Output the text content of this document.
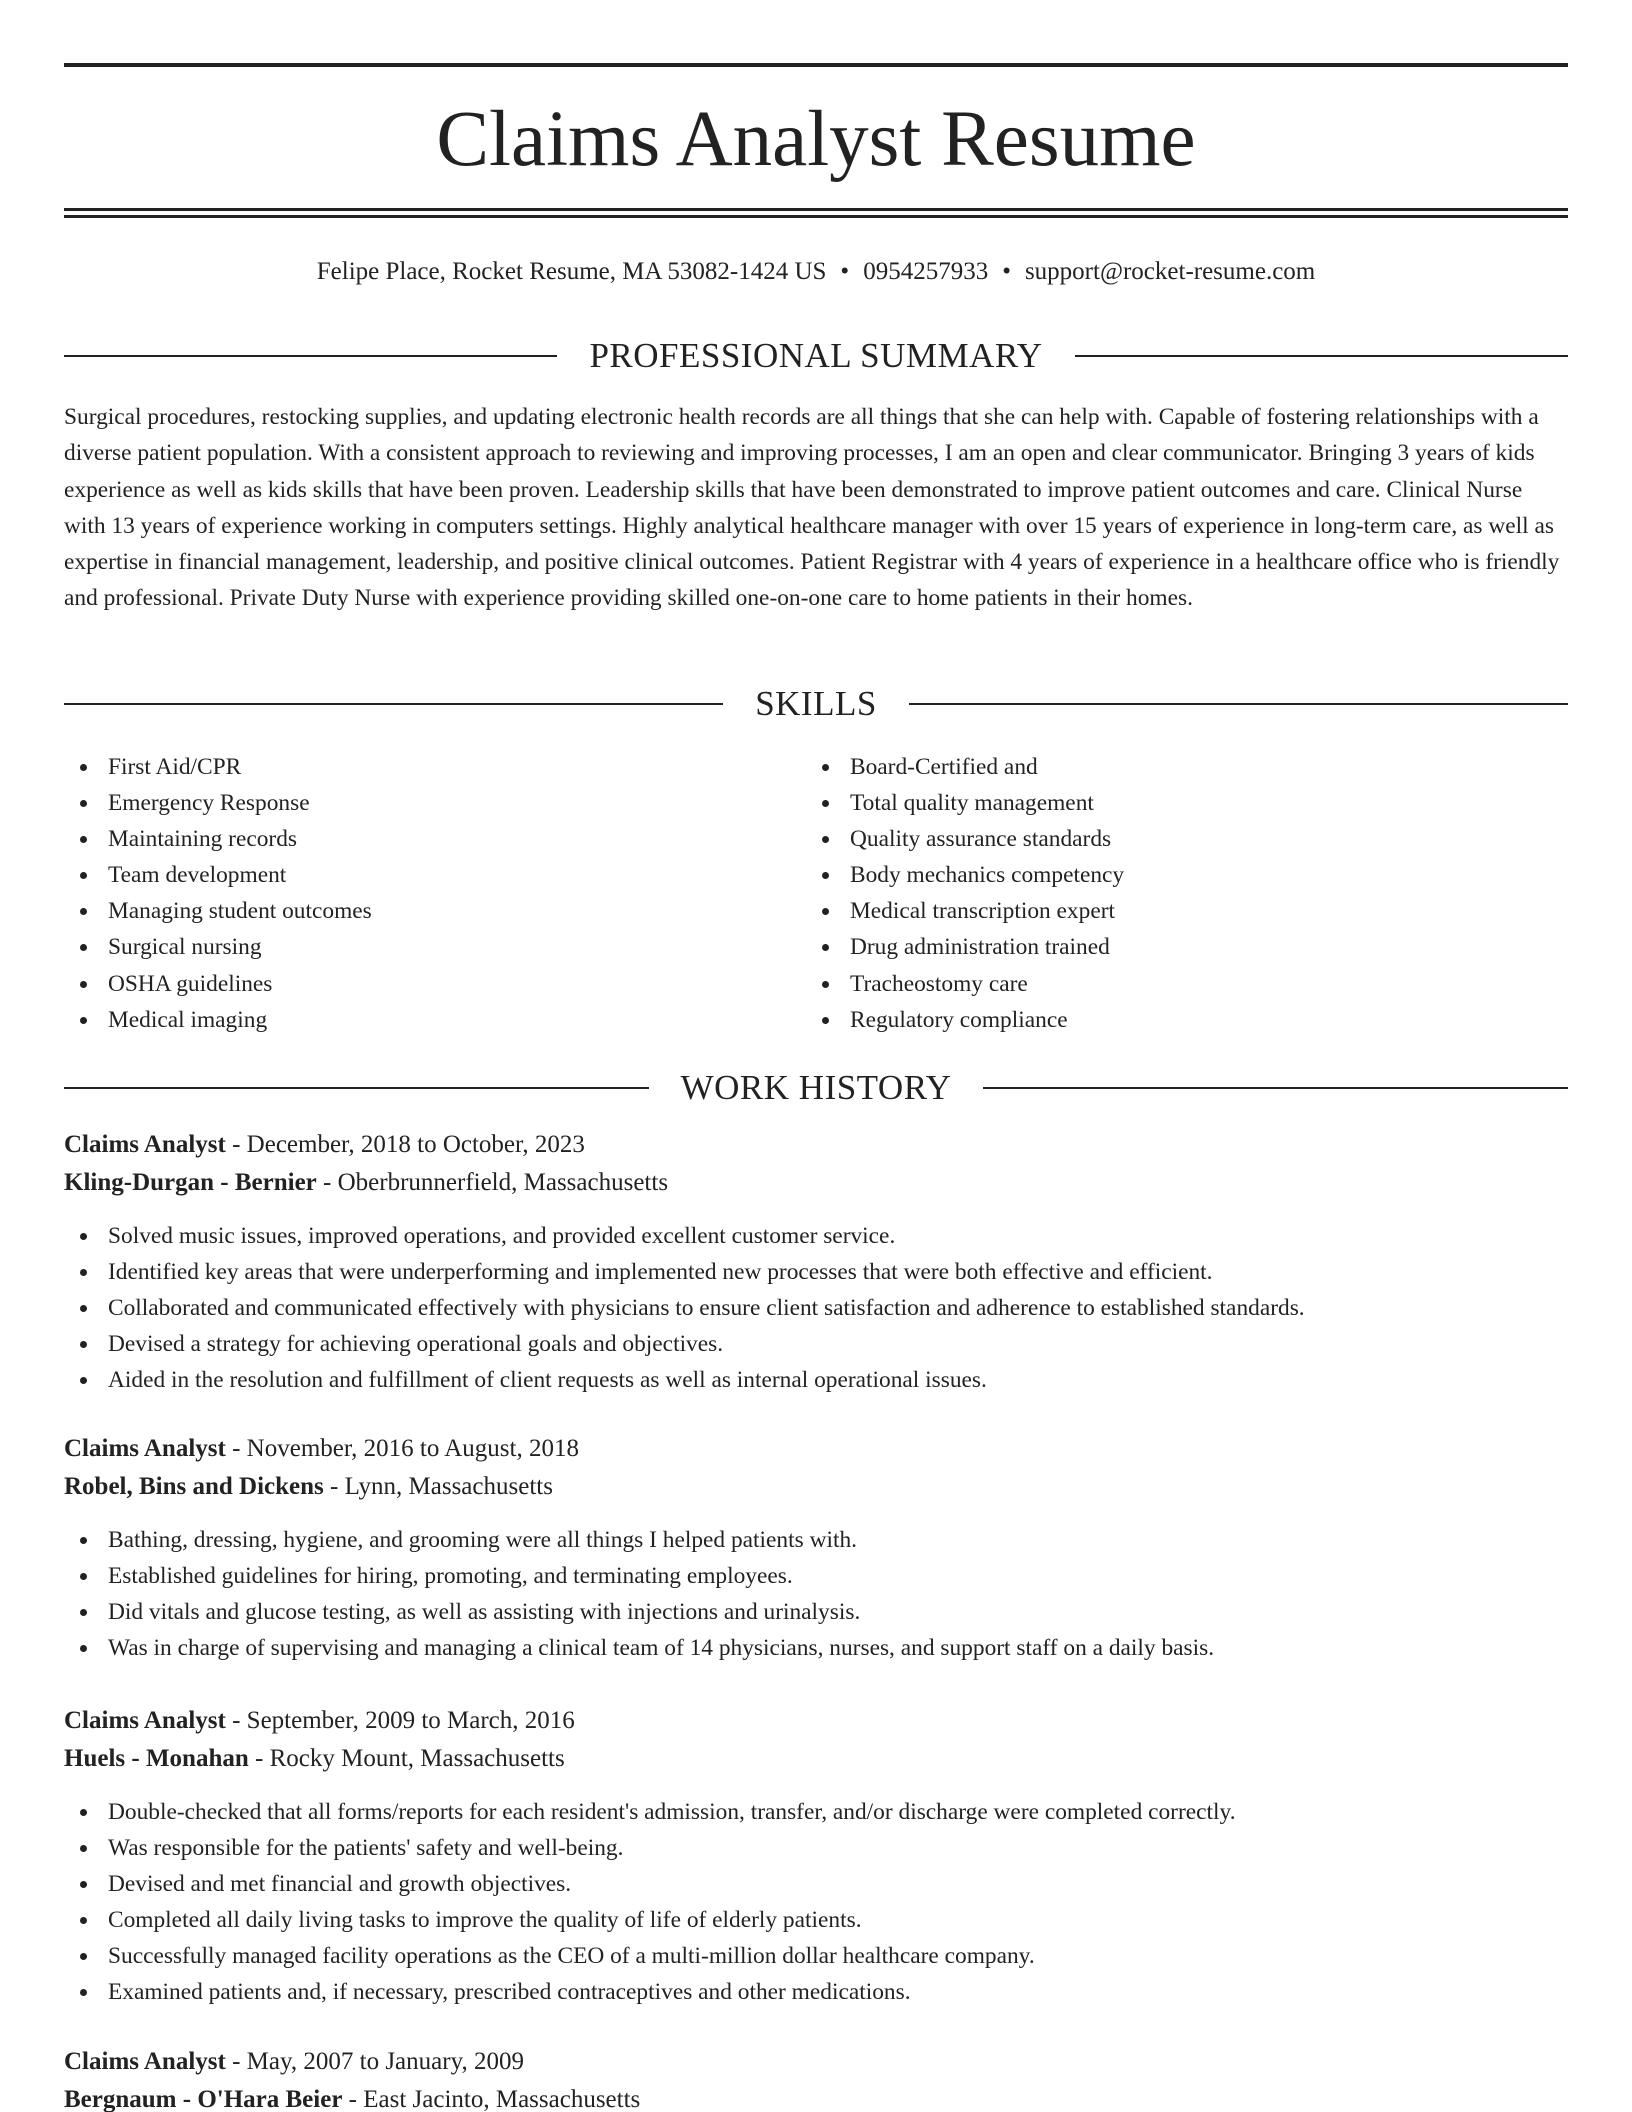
Claims Analyst Resume
Felipe Place, Rocket Resume, MA 53082-1424 US • 0954257933 • support@rocket-resume.com
PROFESSIONAL SUMMARY

Surgical procedures, restocking supplies, and updating electronic health records are all things that she can help with. Capable of fostering relationships with a diverse patient population. With a consistent approach to reviewing and improving processes, I am an open and clear communicator. Bringing 3 years of kids experience as well as kids skills that have been proven. Leadership skills that have been demonstrated to improve patient outcomes and care. Clinical Nurse with 13 years of experience working in computers settings. Highly analytical healthcare manager with over 15 years of experience in long-term care, as well as expertise in financial management, leadership, and positive clinical outcomes. Patient Registrar with 4 years of experience in a healthcare office who is friendly and professional. Private Duty Nurse with experience providing skilled one-on-one care to home patients in their homes.

SKILLS
First Aid/CPR
Emergency Response
Maintaining records
Team development
Managing student outcomes
Surgical nursing
OSHA guidelines
Medical imaging
Board-Certified and
Total quality management
Quality assurance standards
Body mechanics competency
Medical transcription expert
Drug administration trained
Tracheostomy care
Regulatory compliance
WORK HISTORY
Claims Analyst - December, 2018 to October, 2023
Kling-Durgan - Bernier - Oberbrunnerfield, Massachusetts
Solved music issues, improved operations, and provided excellent customer service.
Identified key areas that were underperforming and implemented new processes that were both effective and efficient.
Collaborated and communicated effectively with physicians to ensure client satisfaction and adherence to established standards.
Devised a strategy for achieving operational goals and objectives.
Aided in the resolution and fulfillment of client requests as well as internal operational issues.
Claims Analyst - November, 2016 to August, 2018
Robel, Bins and Dickens - Lynn, Massachusetts
Bathing, dressing, hygiene, and grooming were all things I helped patients with.
Established guidelines for hiring, promoting, and terminating employees.
Did vitals and glucose testing, as well as assisting with injections and urinalysis.
Was in charge of supervising and managing a clinical team of 14 physicians, nurses, and support staff on a daily basis.
Claims Analyst - September, 2009 to March, 2016
Huels - Monahan - Rocky Mount, Massachusetts
Double-checked that all forms/reports for each resident's admission, transfer, and/or discharge were completed correctly.
Was responsible for the patients' safety and well-being.
Devised and met financial and growth objectives.
Completed all daily living tasks to improve the quality of life of elderly patients.
Successfully managed facility operations as the CEO of a multi-million dollar healthcare company.
Examined patients and, if necessary, prescribed contraceptives and other medications.
Claims Analyst - May, 2007 to January, 2009
Bergnaum - O'Hara Beier - East Jacinto, Massachusetts
